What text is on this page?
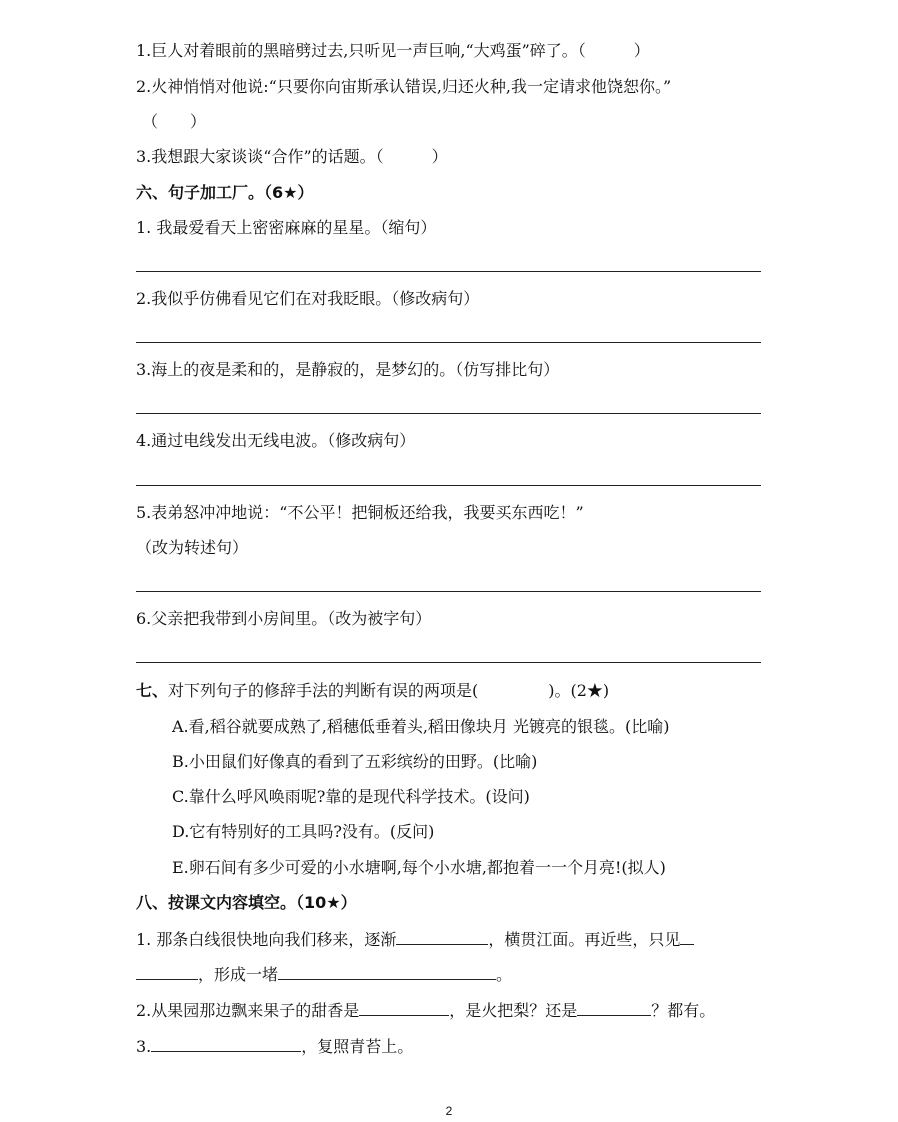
1.巨人对着眼前的黑暗劈过去,只听见一声巨响,“大鸡蛋”碎了。（　　　）
2.火神悄悄对他说:“只要你向宙斯承认错误,归还火种,我一定请求他饶恕你。”
（　　）
3.我想跟大家谈谈“合作”的话题。（　　　）
六、句子加工厂。（6★）
1. 我最爱看天上密密麻麻的星星。（缩句）
2.我似乎仿佛看见它们在对我眨眼。（修改病句）
3.海上的夜是柔和的，是静寂的，是梦幻的。（仿写排比句）
4.通过电线发出无线电波。（修改病句）
5.表弟怒冲冲地说：“不公平！把铜板还给我，我要买东西吃！”
（改为转述句）
6.父亲把我带到小房间里。（改为被字句）
七、对下列句子的修辞手法的判断有误的两项是(	)。(2★)
A.看,稻谷就要成熟了,稻穗低垂着头,稻田像块月 光镀亮的银毯。(比喻)
B.小田鼠们好像真的看到了五彩缤纷的田野。(比喻)
C.靠什么呼风唤雨呢?靠的是现代科学技术。(设问)
D.它有特别好的工具吗?没有。(反问)
E.卵石间有多少可爱的小水塘啊,每个小水塘,都抱着一一个月亮!(拟人)
八、按课文内容填空。（10★）
1. 那条白线很快地向我们移来，逐渐	，横贯江面。再近些，只见
，形成一堵	。
2.从果园那边飘来果子的甜香是	，是火把梨？还是	？都有。
3.	，复照青苔上。
2
